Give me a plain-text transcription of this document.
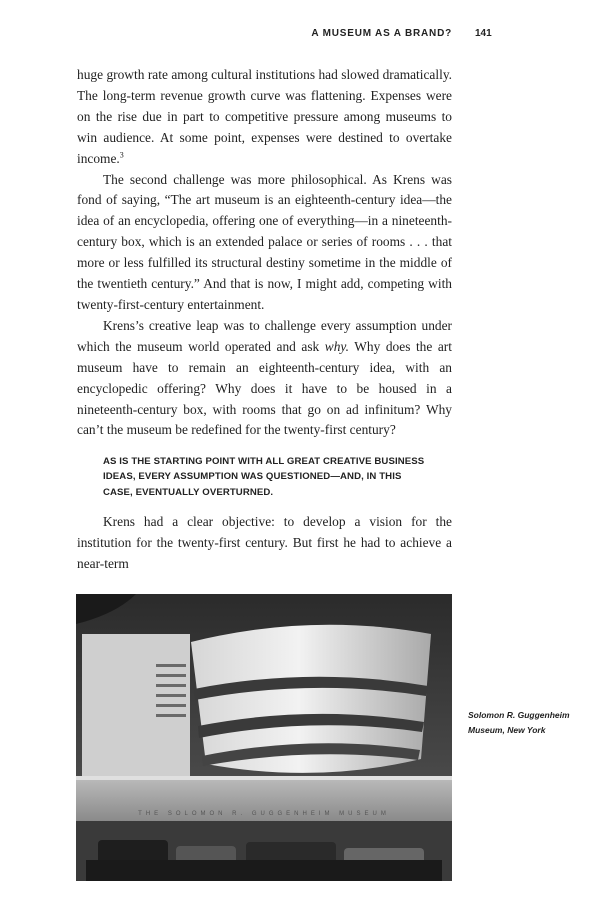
A MUSEUM AS A BRAND? 141

huge growth rate among cultural institutions had slowed dramatically. The long-term revenue growth curve was flattening. Expenses were on the rise due in part to competitive pressure among museums to win audience. At some point, expenses were destined to overtake income.$^3$

The second challenge was more philosophical. As Krens was fond of saying, “The art museum is an eighteenth-century idea—the idea of an encyclopedia, offering one of everything—in a nineteenth-century box, which is an extended palace or series of rooms . . . that more or less fulfilled its structural destiny sometime in the middle of the twentieth century.” And that is now, I might add, competing with twenty-first-century entertainment.

Krens’s creative leap was to challenge every assumption under which the museum world operated and ask why. Why does the art museum have to remain an eighteenth-century idea, with an encyclopedic offering? Why does it have to be housed in a nineteenth-century box, with rooms that go on ad infinitum? Why can’t the museum be redefined for the twenty-first century?

AS IS THE STARTING POINT WITH ALL GREAT CREATIVE BUSINESS IDEAS, EVERY ASSUMPTION WAS QUESTIONED—AND, IN THIS CASE, EVENTUALLY OVERTURNED.

Krens had a clear objective: to develop a vision for the institution for the twenty-first century. But first he had to achieve a near-term

THE SOLOMON R. GUGGENHEIM MUSEUM
Solomon R. Guggenheim
Museum, New York
